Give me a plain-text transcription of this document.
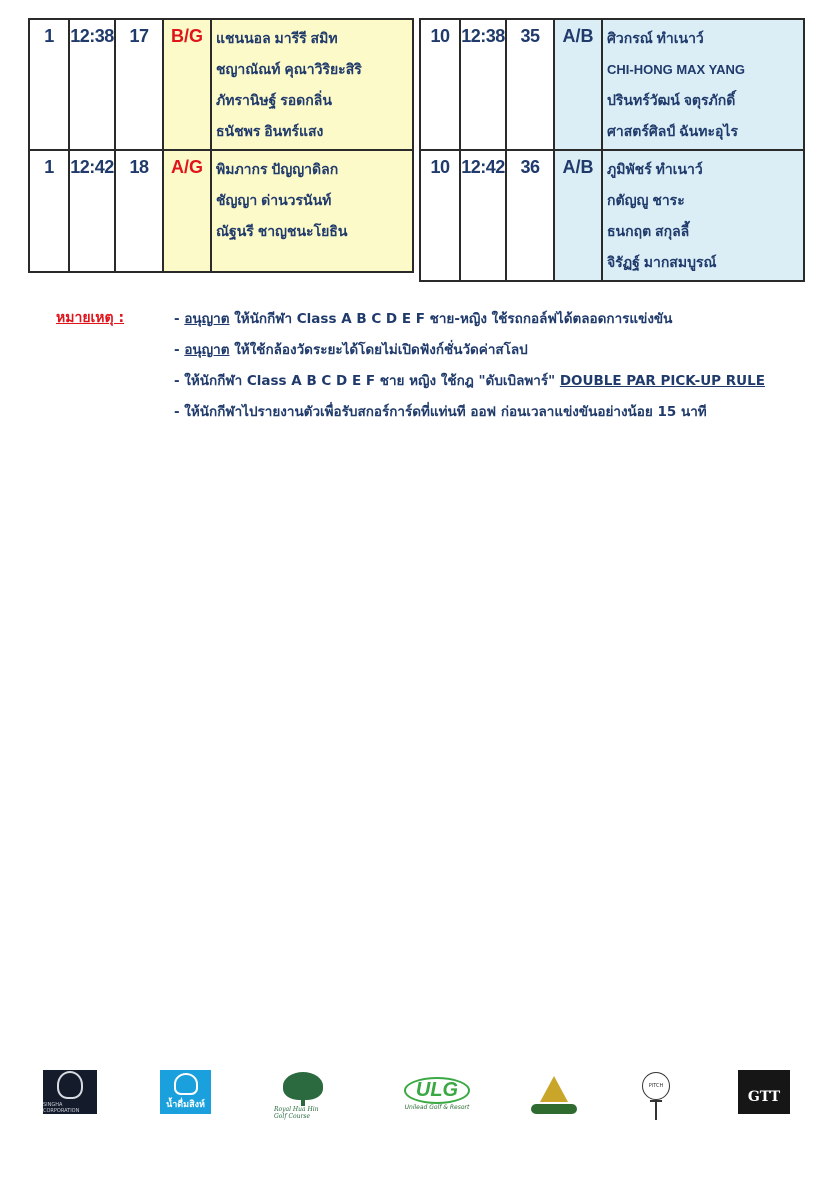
1	12:38	17	B/G	แชนนอล มารีรี สมิท
ชญาณัณท์ คุณาวิริยะสิริ
ภัทรานิษฐ์ รอดกลิ่น
ธนัชพร อินทร์แสง

1	12:42	18	A/G	พิมภากร ปัญญาดิลก
ชัญญา ด่านวรนันท์
ณัฐนรี ชาญชนะโยธิน
10	12:38	35	A/B	ศิวกรณ์ ทำเนาว์
CHI-HONG MAX YANG
ปรินทร์วัฒน์ จตุรภักดิ์
ศาสตร์ศิลป์ ฉันทะอุไร

10	12:42	36	A/B	ภูมิพัชร์ ทำเนาว์
กตัญญู ชาระ
ธนกฤต สกุลลี้
จิรัฏฐ์ มากสมบูรณ์
หมายเหตุ :	- อนุญาต ให้นักกีฬา Class A B C D E F ชาย-หญิง ใช้รถกอล์ฟได้ตลอดการแข่งขัน
- อนุญาต ให้ใช้กล้องวัดระยะได้โดยไม่เปิดฟังก์ชั่นวัดค่าสโลป
- ให้นักกีฬา Class A B C D E F ชาย หญิง ใช้กฎ "ดับเบิลพาร์" DOUBLE PAR PICK-UP RULE
- ให้นักกีฬาไปรายงานตัวเพื่อรับสกอร์การ์ดที่แท่นที ออฟ ก่อนเวลาแข่งขันอย่างน้อย 15 นาที
SINGHA CORPORATION
น้ำดื่มสิงห์	Royal Hua Hin Golf Course
ULG
Unilead Golf & Resort
PITCH
GTT
